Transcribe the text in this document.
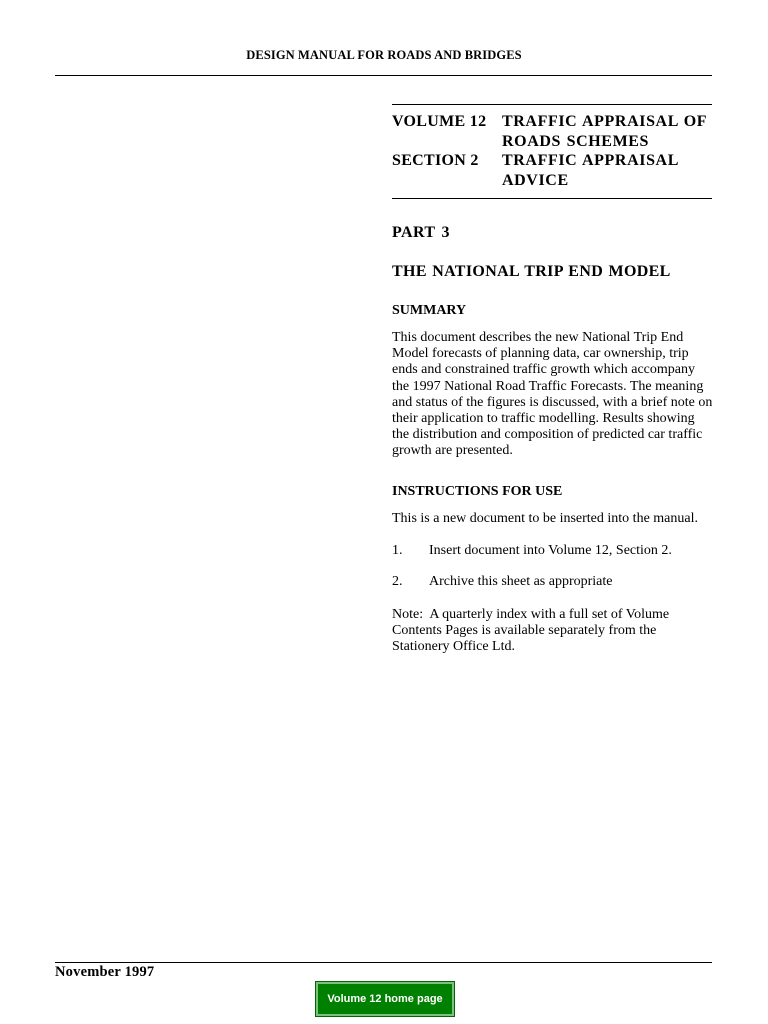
DESIGN MANUAL FOR ROADS AND BRIDGES
VOLUME 12 TRAFFIC APPRAISAL OF ROADS SCHEMES
SECTION 2	TRAFFIC APPRAISAL ADVICE
PART 3
THE NATIONAL TRIP END MODEL
SUMMARY
This document describes the new National Trip End Model forecasts of planning data, car ownership, trip ends and constrained traffic growth which accompany the 1997 National Road Traffic Forecasts. The meaning and status of the figures is discussed, with a brief note on their application to traffic modelling. Results showing the distribution and composition of predicted car traffic growth are presented.
INSTRUCTIONS FOR USE
This is a new document to be inserted into the manual.
1.	Insert document into Volume 12, Section 2.
2.	Archive this sheet as appropriate
Note:  A quarterly index with a full set of Volume Contents Pages is available separately from the Stationery Office Ltd.
November 1997
Volume 12 home page
